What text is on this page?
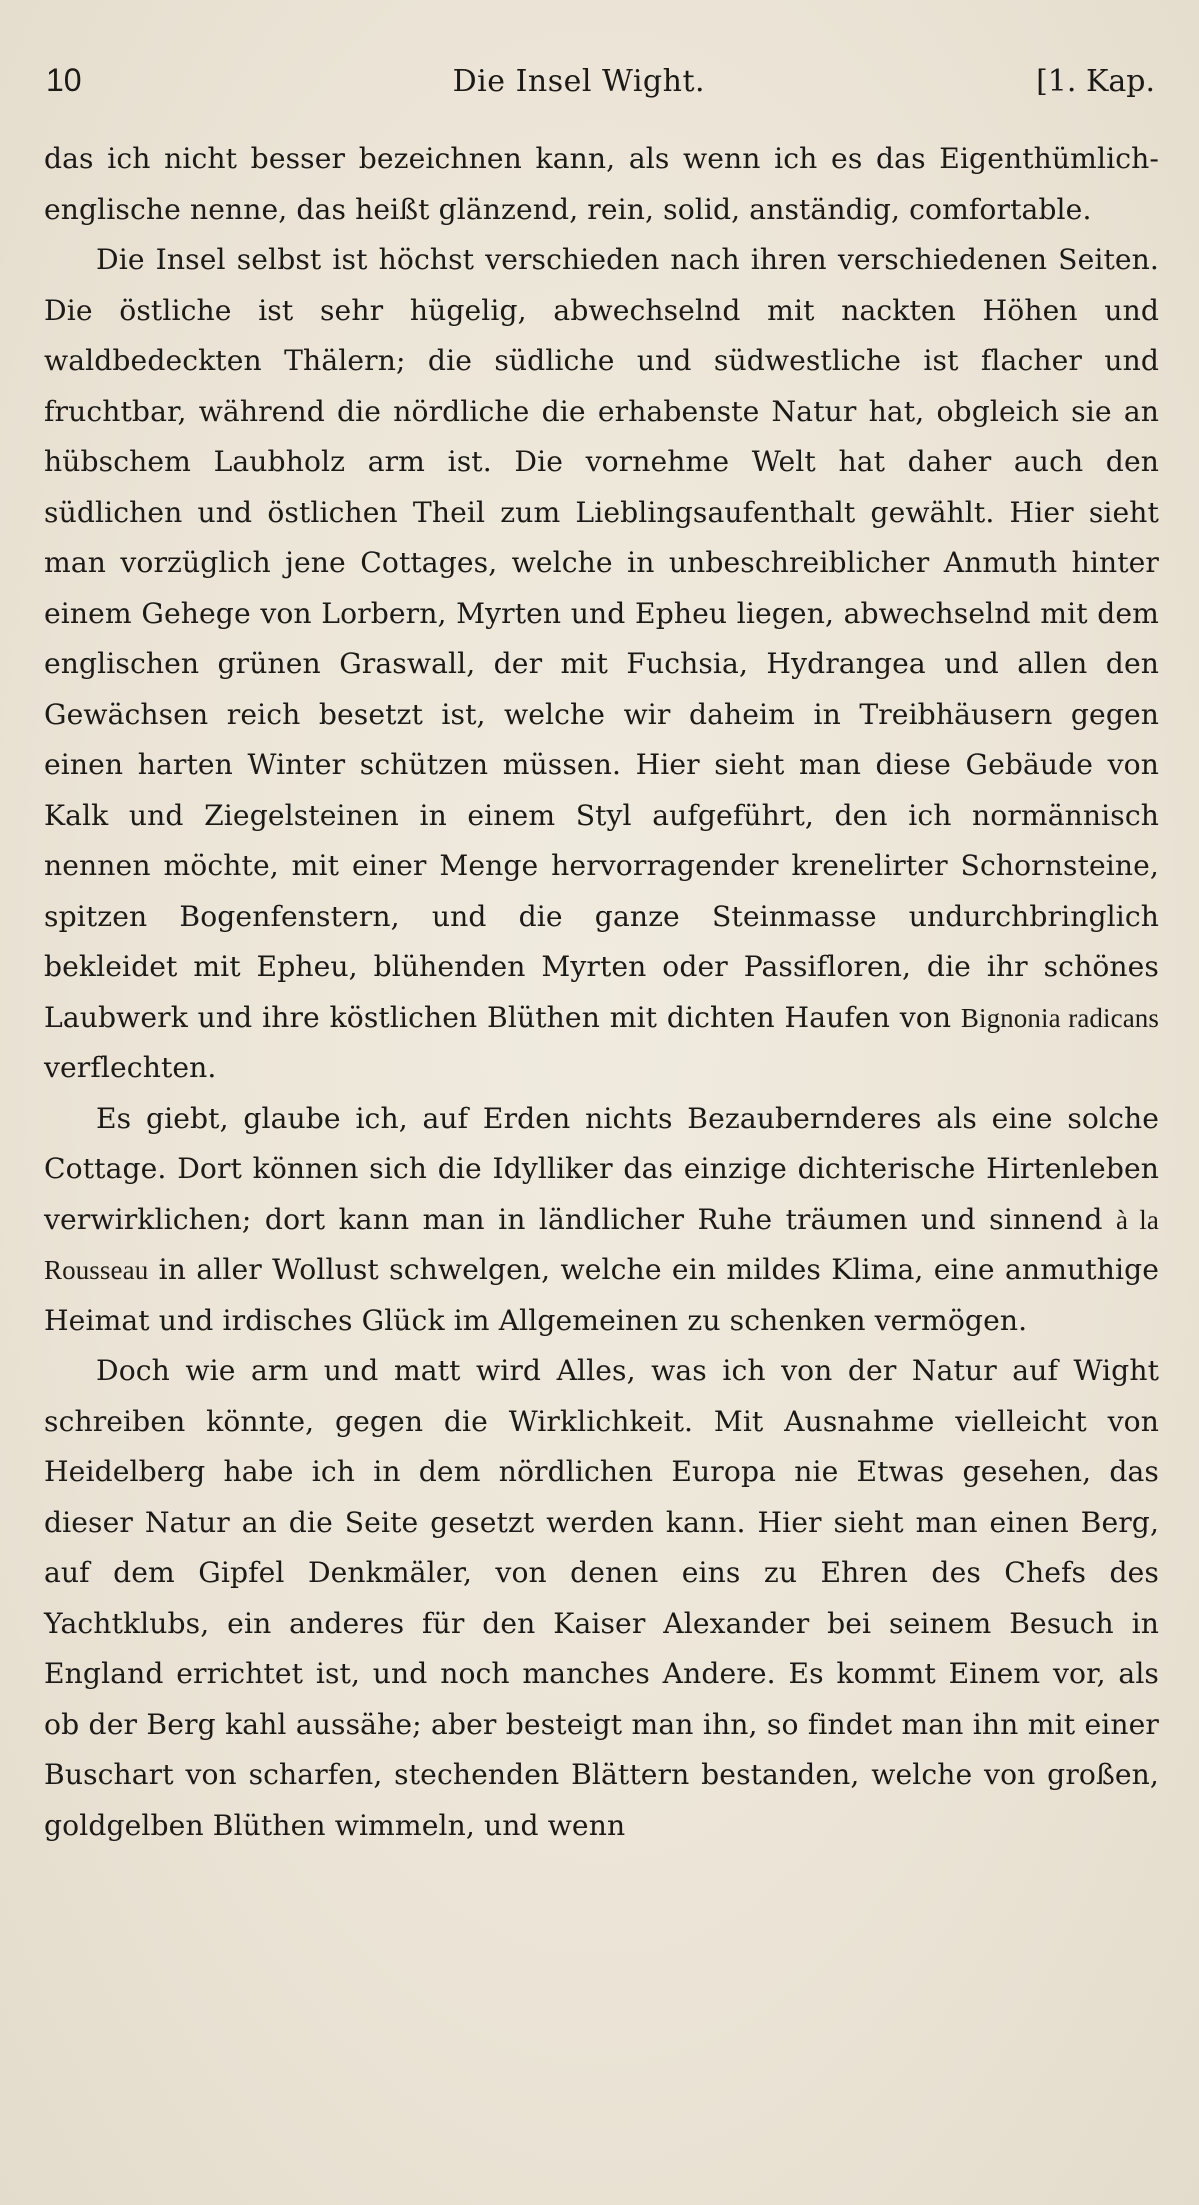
10	Die Insel Wight.	[1. Kap.

das ich nicht besser bezeichnen kann, als wenn ich es das Eigenthümlich-englische nenne, das heißt glänzend, rein, solid, anständig, comfortable.

Die Insel selbst ist höchst verschieden nach ihren verschiedenen Seiten. Die östliche ist sehr hügelig, abwechselnd mit nackten Höhen und waldbedeckten Thälern; die südliche und südwestliche ist flacher und fruchtbar, während die nördliche die erhabenste Natur hat, obgleich sie an hübschem Laubholz arm ist. Die vornehme Welt hat daher auch den südlichen und östlichen Theil zum Lieblingsaufenthalt gewählt. Hier sieht man vorzüglich jene Cottages, welche in unbeschreiblicher Anmuth hinter einem Gehege von Lorbern, Myrten und Epheu liegen, abwechselnd mit dem englischen grünen Graswall, der mit Fuchsia, Hydrangea und allen den Gewächsen reich besetzt ist, welche wir daheim in Treibhäusern gegen einen harten Winter schützen müssen. Hier sieht man diese Gebäude von Kalk und Ziegelsteinen in einem Styl aufgeführt, den ich normännisch nennen möchte, mit einer Menge hervorragender krenelirter Schornsteine, spitzen Bogenfenstern, und die ganze Steinmasse undurchbringlich bekleidet mit Epheu, blühenden Myrten oder Passifloren, die ihr schönes Laubwerk und ihre köstlichen Blüthen mit dichten Haufen von Bignonia radicans verflechten.

Es giebt, glaube ich, auf Erden nichts Bezaubernderes als eine solche Cottage. Dort können sich die Idylliker das einzige dichterische Hirtenleben verwirklichen; dort kann man in ländlicher Ruhe träumen und sinnend à la Rousseau in aller Wollust schwelgen, welche ein mildes Klima, eine anmuthige Heimat und irdisches Glück im Allgemeinen zu schenken vermögen.

Doch wie arm und matt wird Alles, was ich von der Natur auf Wight schreiben könnte, gegen die Wirklichkeit. Mit Ausnahme vielleicht von Heidelberg habe ich in dem nördlichen Europa nie Etwas gesehen, das dieser Natur an die Seite gesetzt werden kann. Hier sieht man einen Berg, auf dem Gipfel Denkmäler, von denen eins zu Ehren des Chefs des Yachtklubs, ein anderes für den Kaiser Alexander bei seinem Besuch in England errichtet ist, und noch manches Andere. Es kommt Einem vor, als ob der Berg kahl aussähe; aber besteigt man ihn, so findet man ihn mit einer Buschart von scharfen, stechenden Blättern bestanden, welche von großen, goldgelben Blüthen wimmeln, und wenn
